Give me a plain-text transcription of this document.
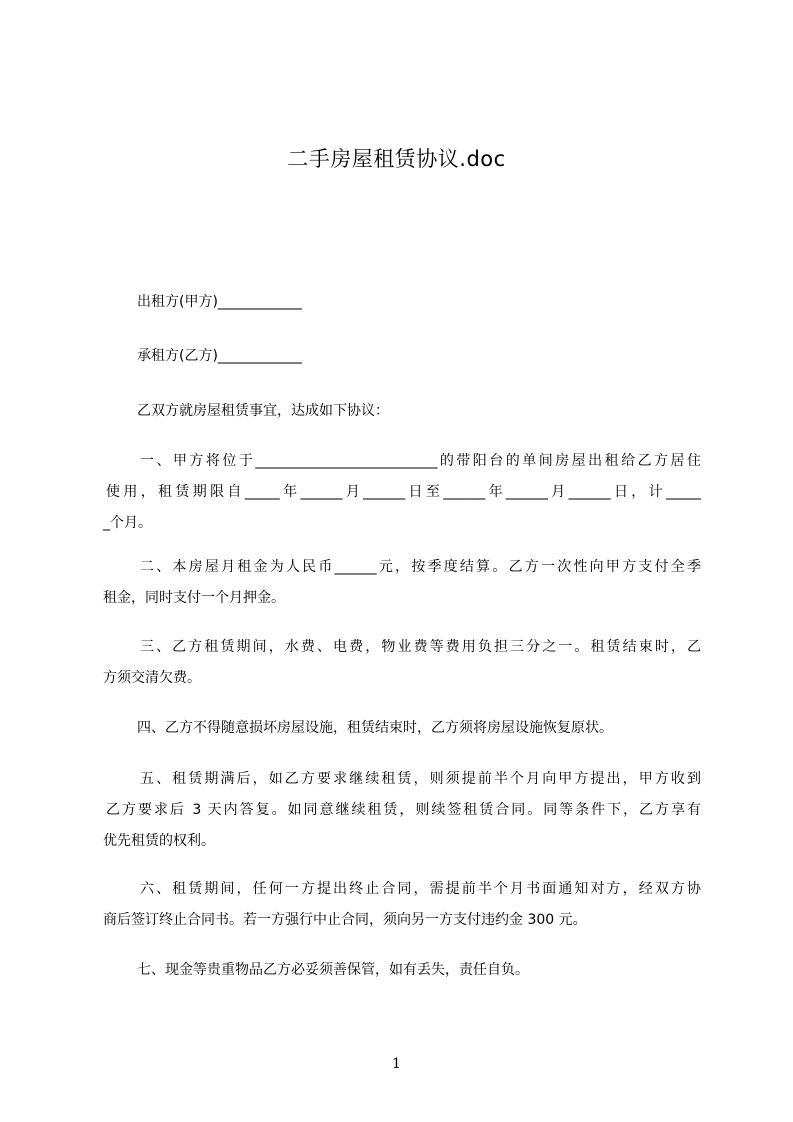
二手房屋租赁协议.doc
出租方(甲方)____________
承租方(乙方)____________
乙双方就房屋租赁事宜，达成如下协议：
一、甲方将位于__________________________的带阳台的单间房屋出租给乙方居住
使用，租赁期限自_____年______月______日至______年______月______日，计_____
_个月。
二、本房屋月租金为人民币______元，按季度结算。乙方一次性向甲方支付全季
租金，同时支付一个月押金。
三、乙方租赁期间，水费、电费，物业费等费用负担三分之一。租赁结束时，乙
方须交清欠费。
四、乙方不得随意损坏房屋设施，租赁结束时，乙方须将房屋设施恢复原状。
五、租赁期满后，如乙方要求继续租赁，则须提前半个月向甲方提出，甲方收到
乙方要求后 3 天内答复。如同意继续租赁，则续签租赁合同。同等条件下，乙方享有
优先租赁的权利。
六、租赁期间，任何一方提出终止合同，需提前半个月书面通知对方，经双方协
商后签订终止合同书。若一方强行中止合同，须向另一方支付违约金 300 元。
七、现金等贵重物品乙方必妥须善保管，如有丢失，责任自负。
1
